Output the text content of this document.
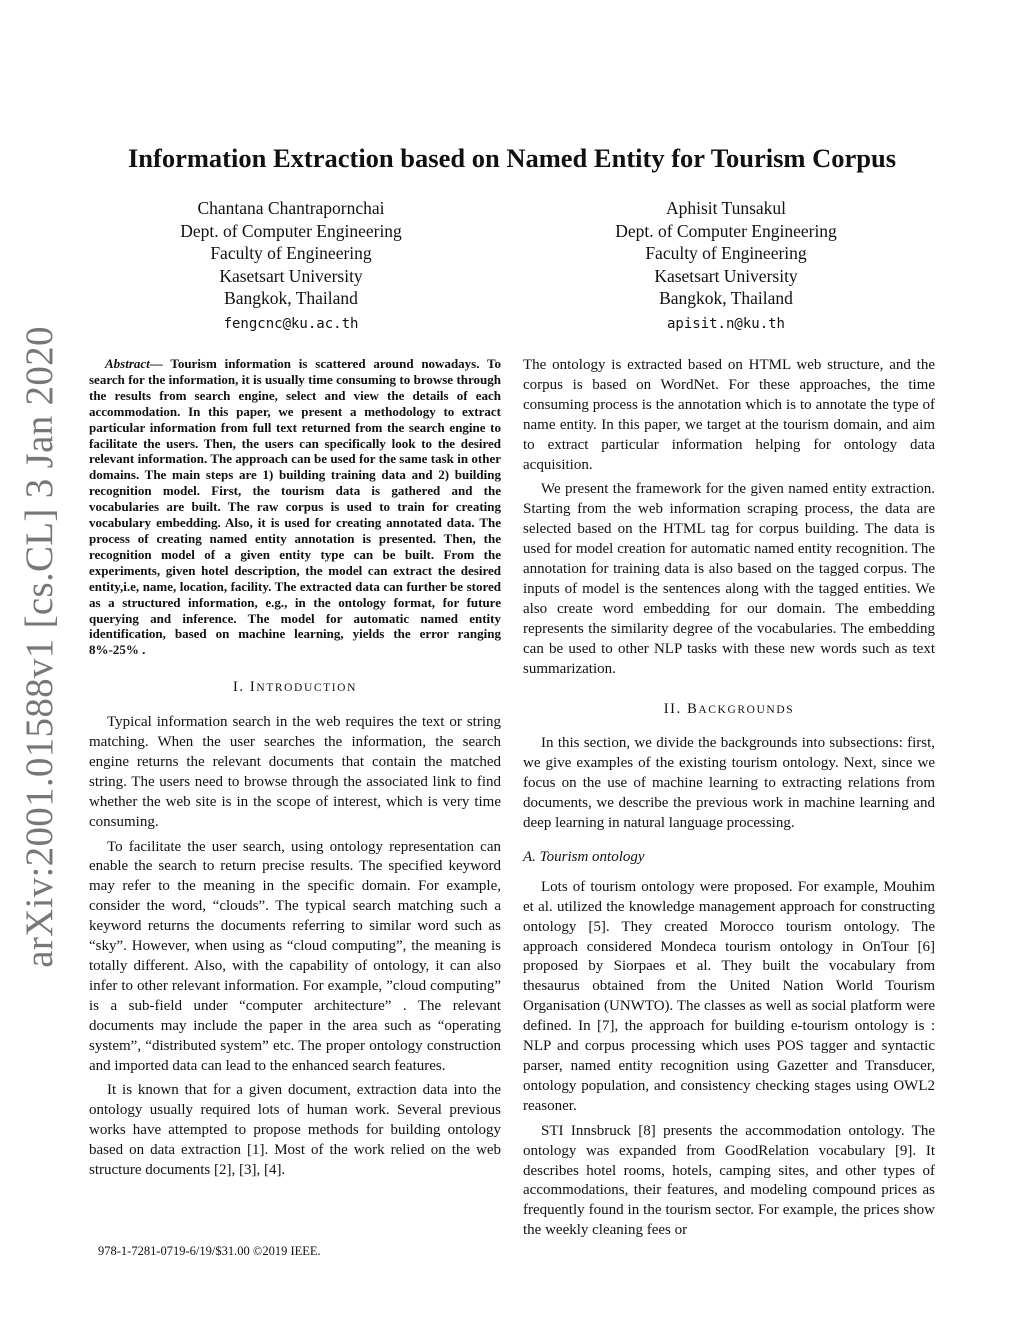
arXiv:2001.01588v1 [cs.CL] 3 Jan 2020
Information Extraction based on Named Entity for Tourism Corpus
Chantana Chantrapornchai
Dept. of Computer Engineering
Faculty of Engineering
Kasetsart University
Bangkok, Thailand
fengcnc@ku.ac.th
Aphisit Tunsakul
Dept. of Computer Engineering
Faculty of Engineering
Kasetsart University
Bangkok, Thailand
apisit.n@ku.th

Abstract— Tourism information is scattered around nowadays. To search for the information, it is usually time consuming to browse through the results from search engine, select and view the details of each accommodation. In this paper, we present a methodology to extract particular information from full text returned from the search engine to facilitate the users. Then, the users can specifically look to the desired relevant information. The approach can be used for the same task in other domains. The main steps are 1) building training data and 2) building recognition model. First, the tourism data is gathered and the vocabularies are built. The raw corpus is used to train for creating vocabulary embedding. Also, it is used for creating annotated data. The process of creating named entity annotation is presented. Then, the recognition model of a given entity type can be built. From the experiments, given hotel description, the model can extract the desired entity,i.e, name, location, facility. The extracted data can further be stored as a structured information, e.g., in the ontology format, for future querying and inference. The model for automatic named entity identification, based on machine learning, yields the error ranging 8%-25% .

I. INTRODUCTION

Typical information search in the web requires the text or string matching. When the user searches the information, the search engine returns the relevant documents that contain the matched string. The users need to browse through the associated link to find whether the web site is in the scope of interest, which is very time consuming.

To facilitate the user search, using ontology representation can enable the search to return precise results. The specified keyword may refer to the meaning in the specific domain. For example, consider the word, “clouds”. The typical search matching such a keyword returns the documents referring to similar word such as “sky”. However, when using as “cloud computing”, the meaning is totally different. Also, with the capability of ontology, it can also infer to other relevant information. For example, ”cloud computing” is a sub-field under “computer architecture” . The relevant documents may include the paper in the area such as “operating system”, “distributed system” etc. The proper ontology construction and imported data can lead to the enhanced search features.

It is known that for a given document, extraction data into the ontology usually required lots of human work. Several previous works have attempted to propose methods for building ontology based on data extraction [1]. Most of the work relied on the web structure documents [2], [3], [4].

The ontology is extracted based on HTML web structure, and the corpus is based on WordNet. For these approaches, the time consuming process is the annotation which is to annotate the type of name entity. In this paper, we target at the tourism domain, and aim to extract particular information helping for ontology data acquisition.

We present the framework for the given named entity extraction. Starting from the web information scraping process, the data are selected based on the HTML tag for corpus building. The data is used for model creation for automatic named entity recognition. The annotation for training data is also based on the tagged corpus. The inputs of model is the sentences along with the tagged entities. We also create word embedding for our domain. The embedding represents the similarity degree of the vocabularies. The embedding can be used to other NLP tasks with these new words such as text summarization.

II. BACKGROUNDS

In this section, we divide the backgrounds into subsections: first, we give examples of the existing tourism ontology. Next, since we focus on the use of machine learning to extracting relations from documents, we describe the previous work in machine learning and deep learning in natural language processing.

A. Tourism ontology

Lots of tourism ontology were proposed. For example, Mouhim et al. utilized the knowledge management approach for constructing ontology [5]. They created Morocco tourism ontology. The approach considered Mondeca tourism ontology in OnTour [6] proposed by Siorpaes et al. They built the vocabulary from thesaurus obtained from the United Nation World Tourism Organisation (UNWTO). The classes as well as social platform were defined. In [7], the approach for building e-tourism ontology is : NLP and corpus processing which uses POS tagger and syntactic parser, named entity recognition using Gazetter and Transducer, ontology population, and consistency checking stages using OWL2 reasoner.

STI Innsbruck [8] presents the accommodation ontology. The ontology was expanded from GoodRelation vocabulary [9]. It describes hotel rooms, hotels, camping sites, and other types of accommodations, their features, and modeling compound prices as frequently found in the tourism sector. For example, the prices show the weekly cleaning fees or

978-1-7281-0719-6/19/$31.00 ©2019 IEEE.
